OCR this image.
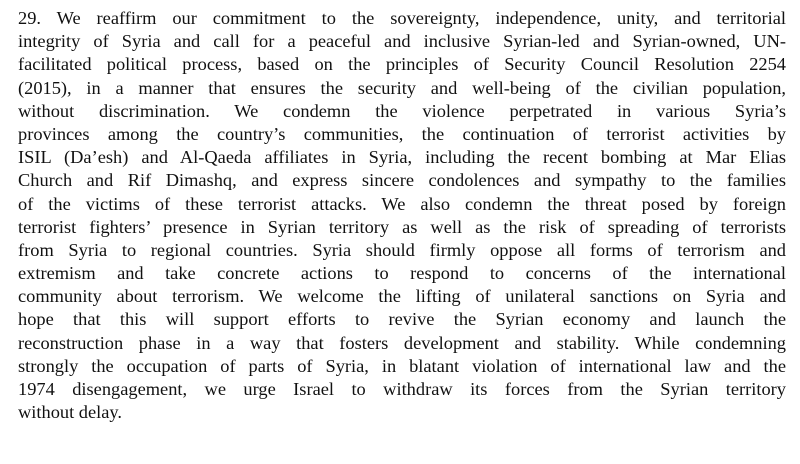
29. We reaffirm our commitment to the sovereignty, independence, unity, and territorial
integrity of Syria and call for a peaceful and inclusive Syrian-led and Syrian-owned, UN-
facilitated political process, based on the principles of Security Council Resolution 2254
(2015), in a manner that ensures the security and well-being of the civilian population,
without discrimination. We condemn the violence perpetrated in various Syria’s
provinces among the country’s communities, the continuation of terrorist activities by
ISIL (Da’esh) and Al-Qaeda affiliates in Syria, including the recent bombing at Mar Elias
Church and Rif Dimashq, and express sincere condolences and sympathy to the families
of the victims of these terrorist attacks. We also condemn the threat posed by foreign
terrorist fighters’ presence in Syrian territory as well as the risk of spreading of terrorists
from Syria to regional countries. Syria should firmly oppose all forms of terrorism and
extremism and take concrete actions to respond to concerns of the international
community about terrorism. We welcome the lifting of unilateral sanctions on Syria and
hope that this will support efforts to revive the Syrian economy and launch the
reconstruction phase in a way that fosters development and stability. While condemning
strongly the occupation of parts of Syria, in blatant violation of international law and the
1974 disengagement, we urge Israel to withdraw its forces from the Syrian territory
without delay.
